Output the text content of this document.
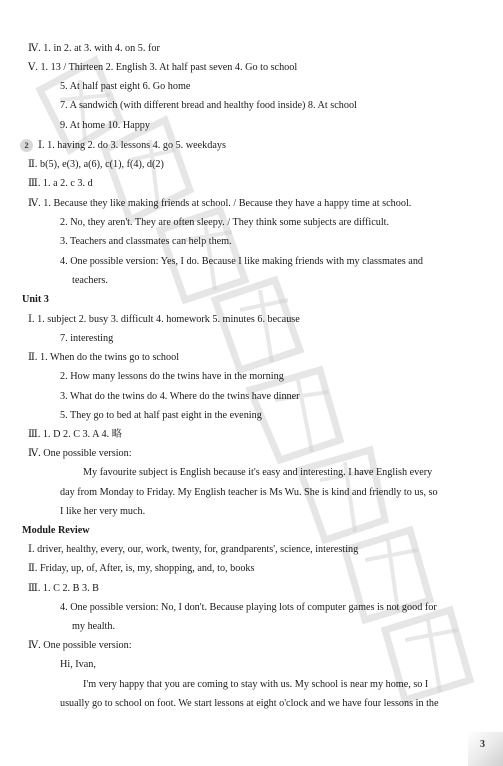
Ⅳ. 1. in 2. at 3. with 4. on 5. for
Ⅴ. 1. 13 / Thirteen 2. English 3. At half past seven 4. Go to school
5. At half past eight 6. Go home
7. A sandwich (with different bread and healthy food inside) 8. At school
9. At home 10. Happy
2 Ⅰ. 1. having 2. do 3. lessons 4. go 5. weekdays
Ⅱ. b(5), e(3), a(6), c(1), f(4), d(2)
Ⅲ. 1. a 2. c 3. d
Ⅳ. 1. Because they like making friends at school. / Because they have a happy time at school.
2. No, they aren't. They are often sleepy. / They think some subjects are difficult.
3. Teachers and classmates can help them.
4. One possible version: Yes, I do. Because I like making friends with my classmates and
teachers.
Unit 3
Ⅰ. 1. subject 2. busy 3. difficult 4. homework 5. minutes 6. because
7. interesting
Ⅱ. 1. When do the twins go to school
2. How many lessons do the twins have in the morning
3. What do the twins do 4. Where do the twins have dinner
5. They go to bed at half past eight in the evening
Ⅲ. 1. D 2. C 3. A 4. 略
Ⅳ. One possible version:
My favourite subject is English because it's easy and interesting. I have English every
day from Monday to Friday. My English teacher is Ms Wu. She is kind and friendly to us, so
I like her very much.
Module Review
Ⅰ. driver, healthy, every, our, work, twenty, for, grandparents', science, interesting
Ⅱ. Friday, up, of, After, is, my, shopping, and, to, books
Ⅲ. 1. C 2. B 3. B
4. One possible version: No, I don't. Because playing lots of computer games is not good for
my health.
Ⅳ. One possible version:
Hi, Ivan,
I'm very happy that you are coming to stay with us. My school is near my home, so I
usually go to school on foot. We start lessons at eight o'clock and we have four lessons in the
3
